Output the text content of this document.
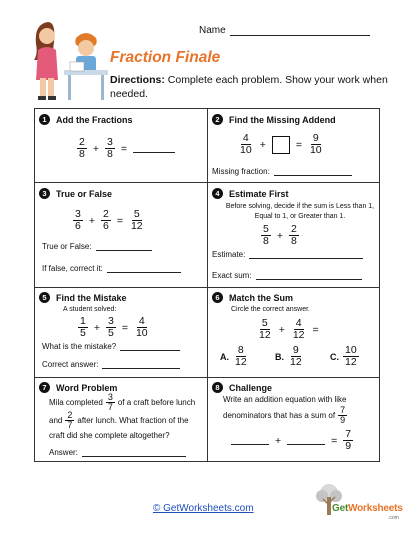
Name
Fraction Finale
Directions: Complete each problem. Show your work when needed.
1	Add the Fractions
$\frac{2}{8} + \frac{3}{8}$ =
2	Find the Missing Addend
$\frac{4}{10}$ +	= $\frac{9}{10}$
Missing fraction:
3	True or False
$\frac{3}{6} + \frac{2}{6} = \frac{5}{12}$
True or False:
If false, correct it:
4	Estimate First
Before solving, decide if the sum is Less than 1, Equal to 1, or Greater than 1.
$\frac{5}{8} + \frac{2}{8}$
Estimate:
Exact sum:
5	Find the Mistake
A student solved:
$\frac{1}{5} + \frac{3}{5} = \frac{4}{10}$
What is the mistake?
Correct answer:
6	Match the Sum
Circle the correct answer.
$\frac{5}{12} + \frac{4}{12}$ =
A. $\frac{8}{12}$	B. $\frac{9}{12}$	C. $\frac{10}{12}$
7	Word Problem
Mila completed $\frac{3}{7}$ of a craft before lunch
and $\frac{2}{7}$ after lunch. What fraction of the
craft did she complete altogether?
Answer:
8	Challenge
Write an addition equation with like
denominators that has a sum of $\frac{7}{9}$
+	= $\frac{7}{9}$
© GetWorksheets.com	GetWorksheets
.com
